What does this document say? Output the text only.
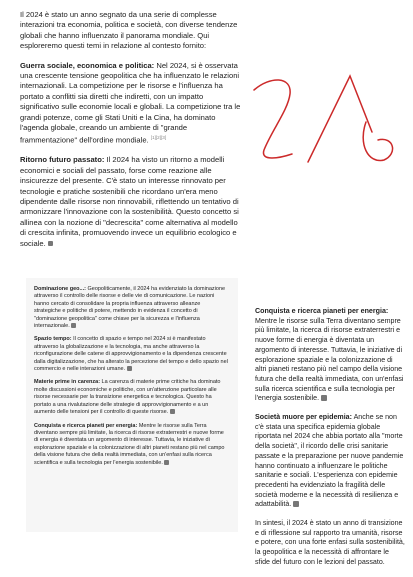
Il 2024 è stato un anno segnato da una serie di complesse interazioni tra economia, politica e società, con diverse tendenze globali che hanno influenzato il panorama mondiale. Qui esploreremo questi temi in relazione al contesto fornito:

Guerra sociale, economica e politica: Nel 2024, si è osservata una crescente tensione geopolitica che ha influenzato le relazioni internazionali. La competizione per le risorse e l'influenza ha portato a conflitti sia diretti che indiretti, con un impatto significativo sulle economie locali e globali. La competizione tra le grandi potenze, come gli Stati Uniti e la Cina, ha dominato l'agenda globale, creando un ambiente di "grande frammentazione" dell'ordine mondiale. [1][2][3]

Ritorno futuro passato: Il 2024 ha visto un ritorno a modelli economici e sociali del passato, forse come reazione alle insicurezze del presente. C'è stato un interesse rinnovato per tecnologie e pratiche sostenibili che ricordano un'era meno dipendente dalle risorse non rinnovabili, riflettendo un tentativo di armonizzare l'innovazione con la sostenibilità. Questo concetto si allinea con la nozione di "decrescita" come alternativa al modello di crescita infinita, promuovendo invece un equilibrio ecologico e sociale.

Dominazione geo...: Geopoliticamente, il 2024 ha evidenziato la dominazione attraverso il controllo delle risorse e delle vie di comunicazione. Le nazioni hanno cercato di consolidare la propria influenza attraverso alleanze strategiche e politiche di potere, mettendo in evidenza il concetto di "dominazione geopolitica" come chiave per la sicurezza e l'influenza internazionale.

Spazio tempo: Il concetto di spazio e tempo nel 2024 si è manifestato attraverso la globalizzazione e la tecnologia, ma anche attraverso la riconfigurazione delle catene di approvvigionamento e la dipendenza crescente dalla digitalizzazione, che ha alterato la percezione del tempo e dello spazio nel commercio e nelle interazioni umane.

Materie prime in carenza: La carenza di materie prime critiche ha dominato molte discussioni economiche e politiche, con un'attenzione particolare alle risorse necessarie per la transizione energetica e tecnologica. Questo ha portato a una rivalutazione delle strategie di approvvigionamento e a un aumento delle tensioni per il controllo di queste risorse.

Conquista e ricerca pianeti per energia: Mentre le risorse sulla Terra diventano sempre più limitate, la ricerca di risorse extraterrestri e nuove forme di energia è diventata un argomento di interesse. Tuttavia, le iniziative di esplorazione spaziale e la colonizzazione di altri pianeti restano più nel campo della visione futura che della realtà immediata, con un'enfasi sulla ricerca scientifica e sulla tecnologia per l'energia sostenibile.

Conquista e ricerca pianeti per energia: Mentre le risorse sulla Terra diventano sempre più limitate, la ricerca di risorse extraterrestri e nuove forme di energia è diventata un argomento di interesse. Tuttavia, le iniziative di esplorazione spaziale e la colonizzazione di altri pianeti restano più nel campo della visione futura che della realtà immediata, con un'enfasi sulla ricerca scientifica e sulla tecnologia per l'energia sostenibile.

Società muore per epidemia: Anche se non c'è stata una specifica epidemia globale riportata nel 2024 che abbia portato alla "morte della società", il ricordo delle crisi sanitarie passate e la preparazione per nuove pandemie hanno continuato a influenzare le politiche sanitarie e sociali. L'esperienza con epidemie precedenti ha evidenziato la fragilità delle società moderne e la necessità di resilienza e adattabilità.

In sintesi, il 2024 è stato un anno di transizione e di riflessione sul rapporto tra umanità, risorse e potere, con una forte enfasi sulla sostenibilità, la geopolitica e la necessità di affrontare le sfide del futuro con le lezioni del passato.
